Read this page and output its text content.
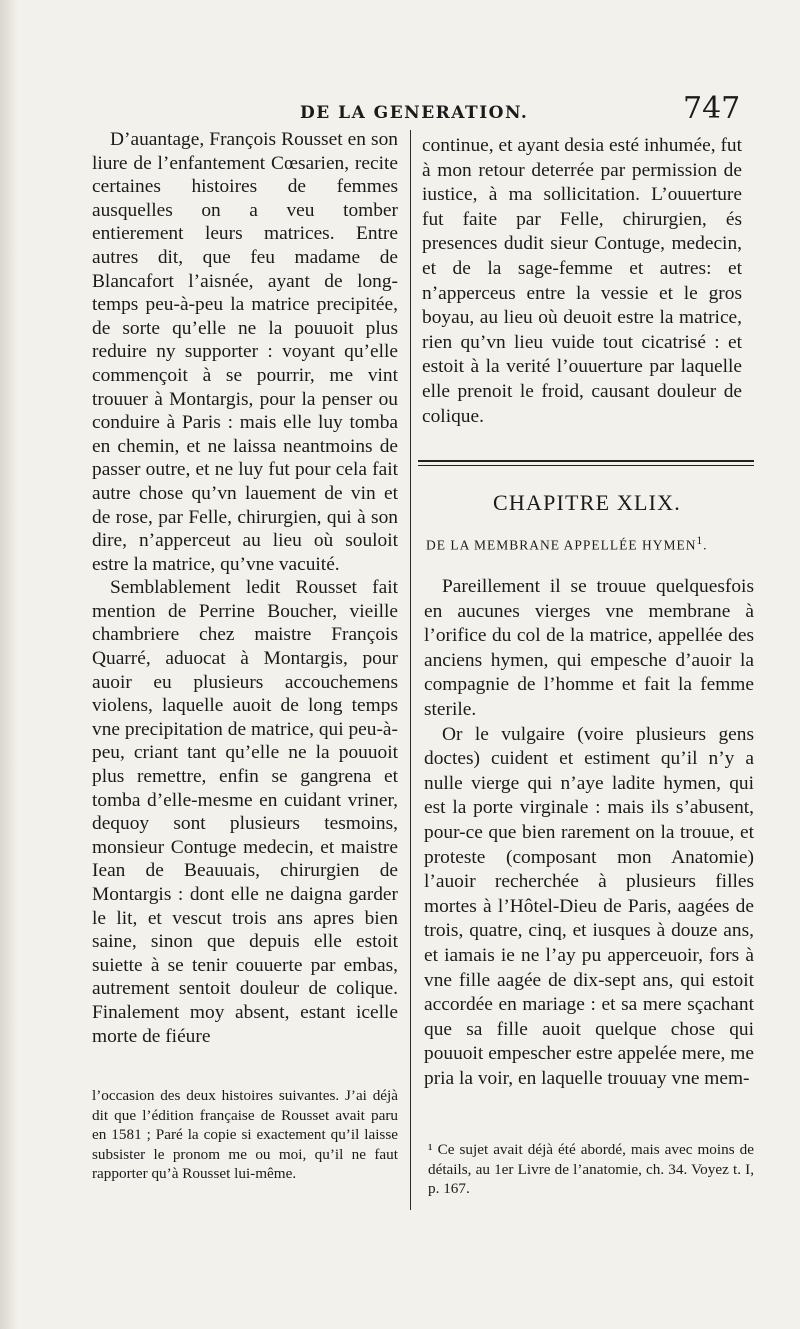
DE LA GENERATION.	747

D’auantage, François Rousset en son liure de l’enfantement Cœsarien, recite certaines histoires de femmes ausquelles on a veu tomber entierement leurs matrices. Entre autres dit, que feu madame de Blancafort l’aisnée, ayant de long-temps peu-à-peu la matrice precipitée, de sorte qu’elle ne la pouuoit plus reduire ny supporter : voyant qu’elle commençoit à se pourrir, me vint trouuer à Montargis, pour la penser ou conduire à Paris : mais elle luy tomba en chemin, et ne laissa neantmoins de passer outre, et ne luy fut pour cela fait autre chose qu’vn lauement de vin et de rose, par Felle, chirurgien, qui à son dire, n’apperceut au lieu où souloit estre la matrice, qu’vne vacuité.

Semblablement ledit Rousset fait mention de Perrine Boucher, vieille chambriere chez maistre François Quarré, aduocat à Montargis, pour auoir eu plusieurs accouchemens violens, laquelle auoit de long temps vne precipitation de matrice, qui peu-à-peu, criant tant qu’elle ne la pouuoit plus remettre, enfin se gangrena et tomba d’elle-mesme en cuidant vriner, dequoy sont plusieurs tesmoins, monsieur Contuge medecin, et maistre Iean de Beauuais, chirurgien de Montargis : dont elle ne daigna garder le lit, et vescut trois ans apres bien saine, sinon que depuis elle estoit suiette à se tenir couuerte par embas, autrement sentoit douleur de colique. Finalement moy absent, estant icelle morte de fiéure

l’occasion des deux histoires suivantes. J’ai déjà dit que l’édition française de Rousset avait paru en 1581 ; Paré la copie si exactement qu’il laisse subsister le pronom me ou moi, qu’il ne faut rapporter qu’à Rousset lui-même.
continue, et ayant desia esté inhumée, fut à mon retour deterrée par permission de iustice, à ma sollicitation. L’ouuerture fut faite par Felle, chirurgien, és presences dudit sieur Contuge, medecin, et de la sage-femme et autres: et n’apperceus entre la vessie et le gros boyau, au lieu où deuoit estre la matrice, rien qu’vn lieu vuide tout cicatrisé : et estoit à la verité l’ouuerture par laquelle elle prenoit le froid, causant douleur de colique.
CHAPITRE XLIX.
DE LA MEMBRANE APPELLÉE HYMEN$^1$.

Pareillement il se trouue quelquesfois en aucunes vierges vne membrane à l’orifice du col de la matrice, appellée des anciens hymen, qui empesche d’auoir la compagnie de l’homme et fait la femme sterile.

Or le vulgaire (voire plusieurs gens doctes) cuident et estiment qu’il n’y a nulle vierge qui n’aye ladite hymen, qui est la porte virginale : mais ils s’abusent, pour-ce que bien rarement on la trouue, et proteste (composant mon Anatomie) l’auoir recherchée à plusieurs filles mortes à l’Hôtel-Dieu de Paris, aagées de trois, quatre, cinq, et iusques à douze ans, et iamais ie ne l’ay pu apperceuoir, fors à vne fille aagée de dix-sept ans, qui estoit accordée en mariage : et sa mere sçachant que sa fille auoit quelque chose qui pouuoit empescher estre appelée mere, me pria la voir, en laquelle trouuay vne mem-

¹ Ce sujet avait déjà été abordé, mais avec moins de détails, au 1er Livre de l’anatomie, ch. 34. Voyez t. I, p. 167.
